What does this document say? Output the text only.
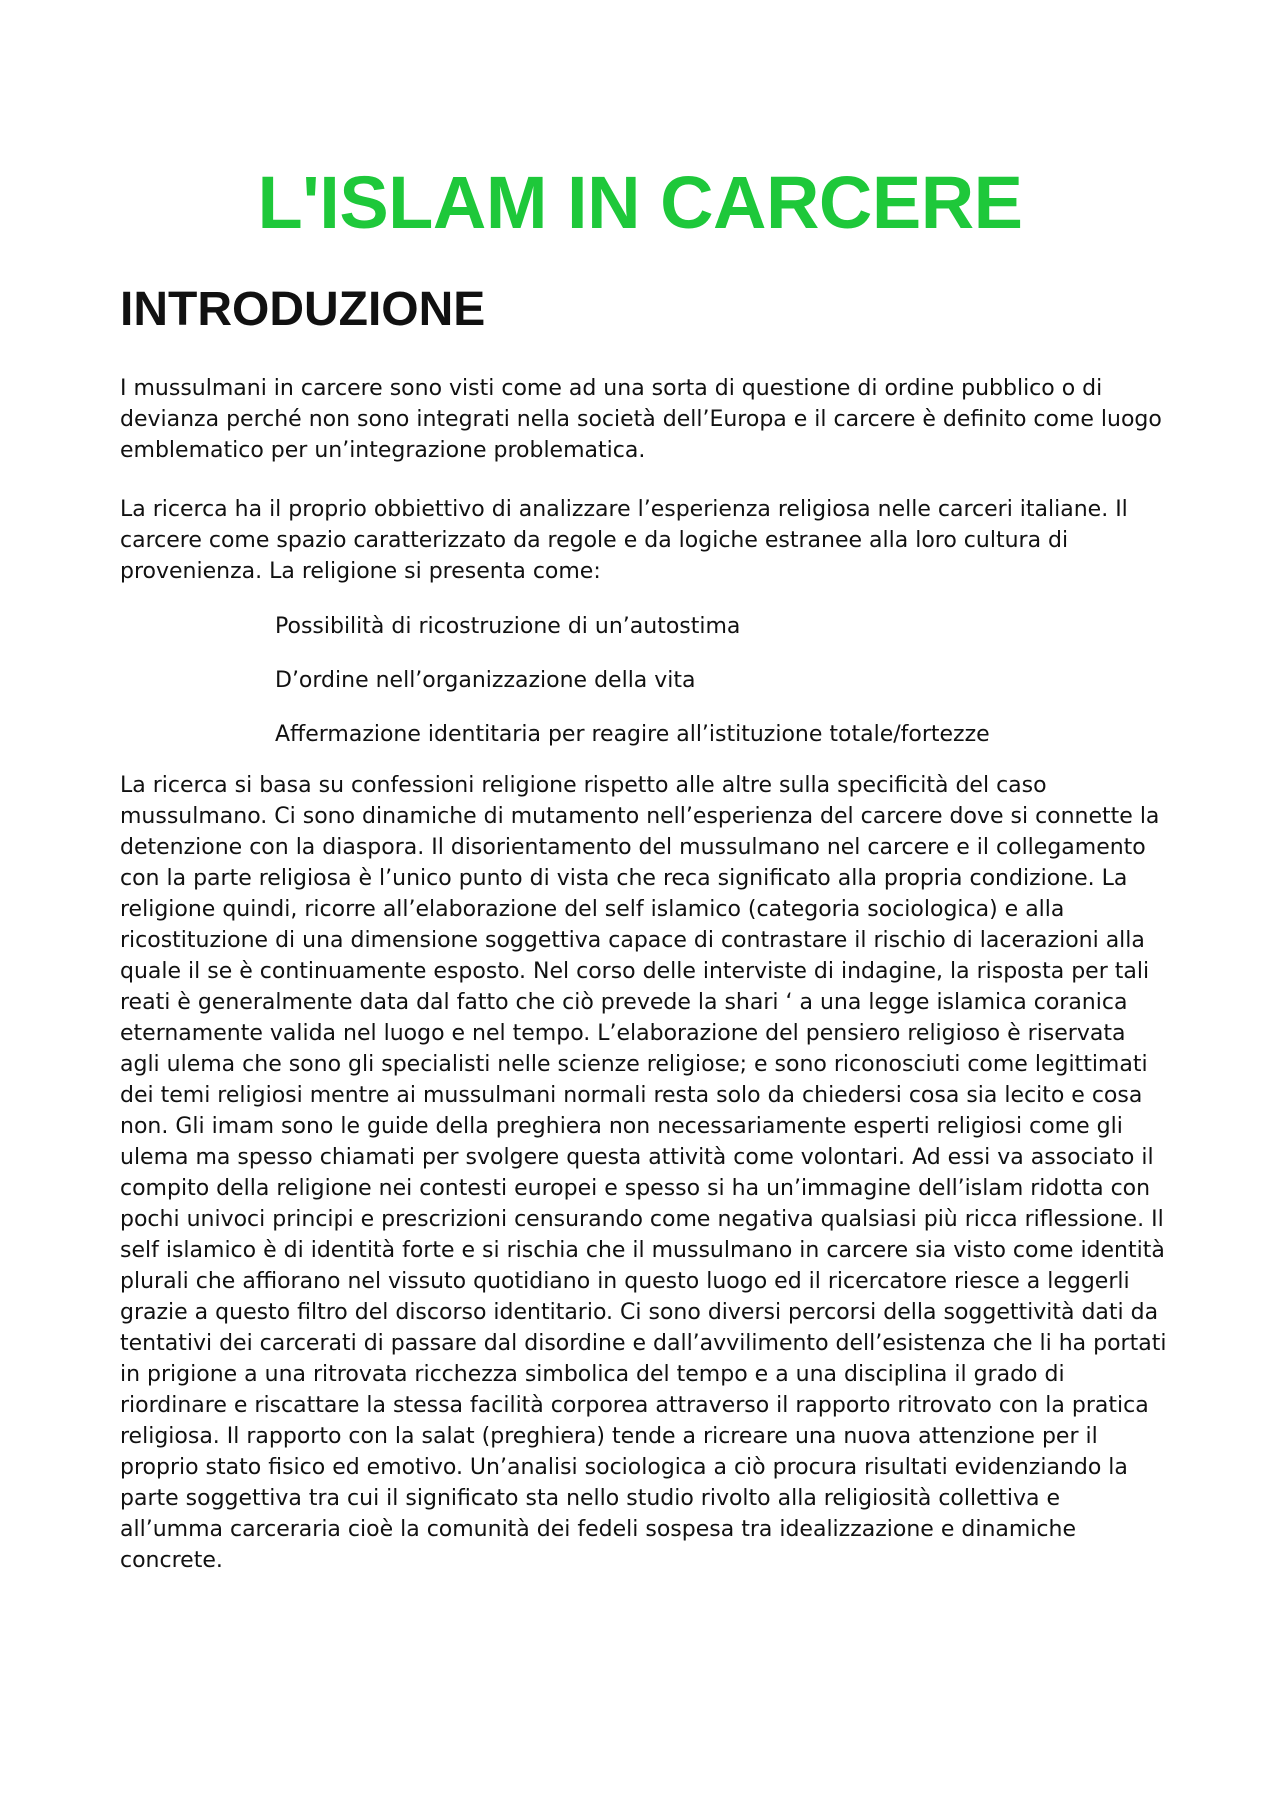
L'ISLAM IN CARCERE
INTRODUZIONE

I mussulmani in carcere sono visti come ad una sorta di questione di ordine pubblico o di devianza perché non sono integrati nella società dell’Europa e il carcere è definito come luogo emblematico per un’integrazione problematica.

La ricerca ha il proprio obbiettivo di analizzare l’esperienza religiosa nelle carceri italiane. Il carcere come spazio caratterizzato da regole e da logiche estranee alla loro cultura di provenienza. La religione si presenta come:

Possibilità di ricostruzione di un’autostima
D’ordine nell’organizzazione della vita
Affermazione identitaria per reagire all’istituzione totale/fortezze

La ricerca si basa su confessioni religione rispetto alle altre sulla specificità del caso mussulmano. Ci sono dinamiche di mutamento nell’esperienza del carcere dove si connette la detenzione con la diaspora. Il disorientamento del mussulmano nel carcere e il collegamento con la parte religiosa è l’unico punto di vista che reca significato alla propria condizione. La religione quindi, ricorre all’elaborazione del self islamico (categoria sociologica) e alla ricostituzione di una dimensione soggettiva capace di contrastare il rischio di lacerazioni alla quale il se è continuamente esposto. Nel corso delle interviste di indagine, la risposta per tali reati è generalmente data dal fatto che ciò prevede la shari ‘ a una legge islamica coranica eternamente valida nel luogo e nel tempo. L’elaborazione del pensiero religioso è riservata agli ulema che sono gli specialisti nelle scienze religiose; e sono riconosciuti come legittimati dei temi religiosi mentre ai mussulmani normali resta solo da chiedersi cosa sia lecito e cosa non. Gli imam sono le guide della preghiera non necessariamente esperti religiosi come gli ulema ma spesso chiamati per svolgere questa attività come volontari. Ad essi va associato il compito della religione nei contesti europei e spesso si ha un’immagine dell’islam ridotta con pochi univoci principi e prescrizioni censurando come negativa qualsiasi più ricca riflessione. Il self islamico è di identità forte e si rischia che il mussulmano in carcere sia visto come identità plurali che affiorano nel vissuto quotidiano in questo luogo ed il ricercatore riesce a leggerli grazie a questo filtro del discorso identitario. Ci sono diversi percorsi della soggettività dati da tentativi dei carcerati di passare dal disordine e dall’avvilimento dell’esistenza che li ha portati in prigione a una ritrovata ricchezza simbolica del tempo e a una disciplina il grado di riordinare e riscattare la stessa facilità corporea attraverso il rapporto ritrovato con la pratica religiosa. Il rapporto con la salat (preghiera) tende a ricreare una nuova attenzione per il proprio stato fisico ed emotivo. Un’analisi sociologica a ciò procura risultati evidenziando la parte soggettiva tra cui il significato sta nello studio rivolto alla religiosità collettiva e all’umma carceraria cioè la comunità dei fedeli sospesa tra idealizzazione e dinamiche concrete.
